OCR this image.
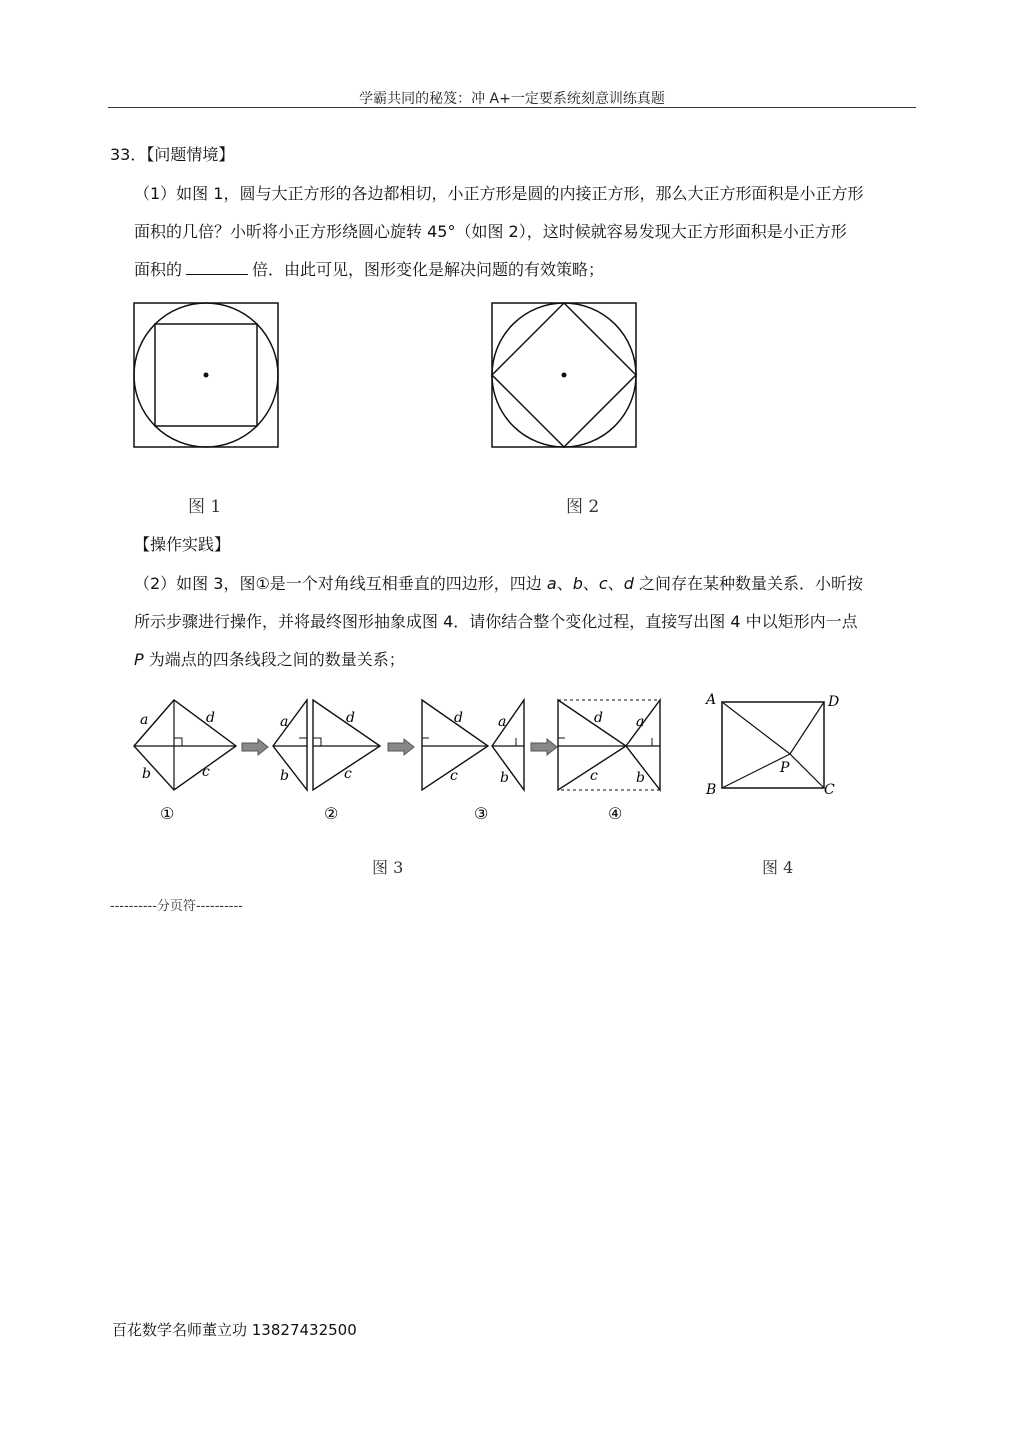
学霸共同的秘笈：冲 A+一定要系统刻意训练真题
33．【问题情境】
（1）如图 1，圆与大正方形的各边都相切，小正方形是圆的内接正方形，那么大正方形面积是小正方形
面积的几倍？小昕将小正方形绕圆心旋转 45°（如图 2），这时候就容易发现大正方形面积是小正方形
面积的	倍．由此可见，图形变化是解决问题的有效策略；
图 1	图 2
【操作实践】
（2）如图 3，图①是一个对角线互相垂直的四边形，四边 a、b、c、d 之间存在某种数量关系．小昕按
所示步骤进行操作，并将最终图形抽象成图 4．请你结合整个变化过程，直接写出图 4 中以矩形内一点
P 为端点的四条线段之间的数量关系；
a	d
b	c
a	d
b	c
d	a
c	b
d a
c	b
①	②	③	④
A	D
B	C
P
图 3	图 4
----------分页符----------
百花数学名师董立功 13827432500
